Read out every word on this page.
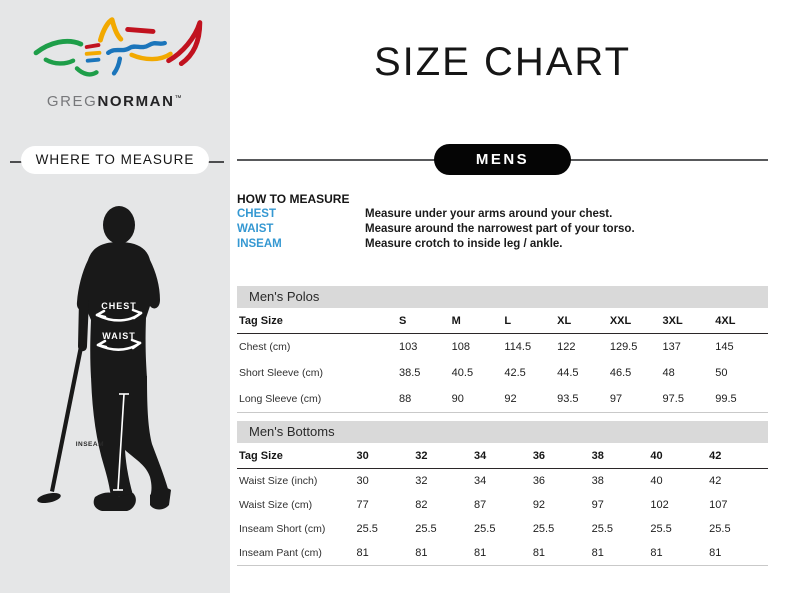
GREGNORMAN™
WHERE TO MEASURE
CHEST
WAIST
INSEAM
SIZE CHART
MENS
HOW TO MEASURE
CHEST	Measure under your arms around your chest.
WAIST	Measure around the narrowest part of your torso.
INSEAM	Measure crotch to inside leg / ankle.
Men's Polos
Tag Size	S	M	L	XL	XXL	3XL	4XL
Chest (cm)	103	108	114.5	122	129.5	137	145
Short Sleeve (cm)	38.5	40.5	42.5	44.5	46.5	48	50
Long Sleeve (cm)	88	90	92	93.5	97	97.5	99.5
Men's Bottoms
Tag Size	30	32	34	36	38	40	42
Waist Size (inch)	30	32	34	36	38	40	42
Waist Size (cm)	77	82	87	92	97	102	107
Inseam Short (cm)	25.5	25.5	25.5	25.5	25.5	25.5	25.5
Inseam Pant (cm)	81	81	81	81	81	81	81
